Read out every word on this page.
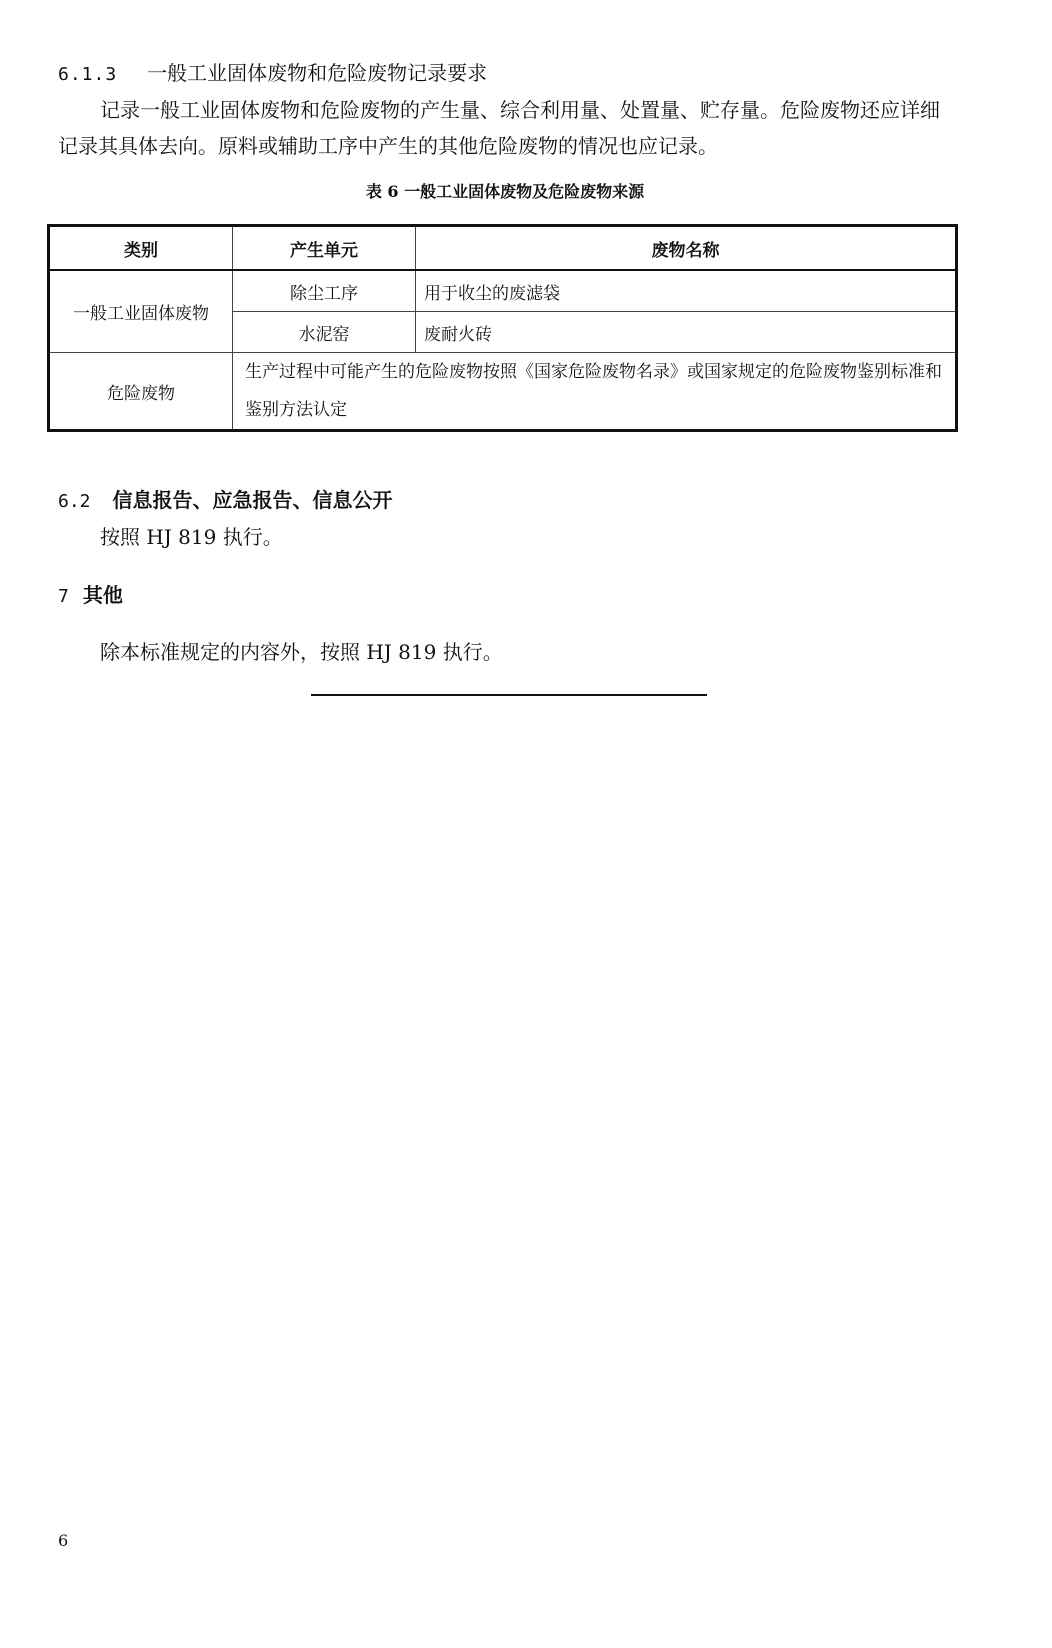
6.1.3 一般工业固体废物和危险废物记录要求
记录一般工业固体废物和危险废物的产生量、综合利用量、处置量、贮存量。危险废物还应详细记录其具体去向。原料或辅助工序中产生的其他危险废物的情况也应记录。
表 6 一般工业固体废物及危险废物来源
类别	产生单元	废物名称
一般工业固体废物	除尘工序	用于收尘的废滤袋
	水泥窑	废耐火砖
危险废物	生产过程中可能产生的危险废物按照《国家危险废物名录》或国家规定的危险废物鉴别标准和鉴别方法认定	
6.2 信息报告、应急报告、信息公开
按照 HJ 819 执行。
7 其他
除本标准规定的内容外，按照 HJ 819 执行。
6
